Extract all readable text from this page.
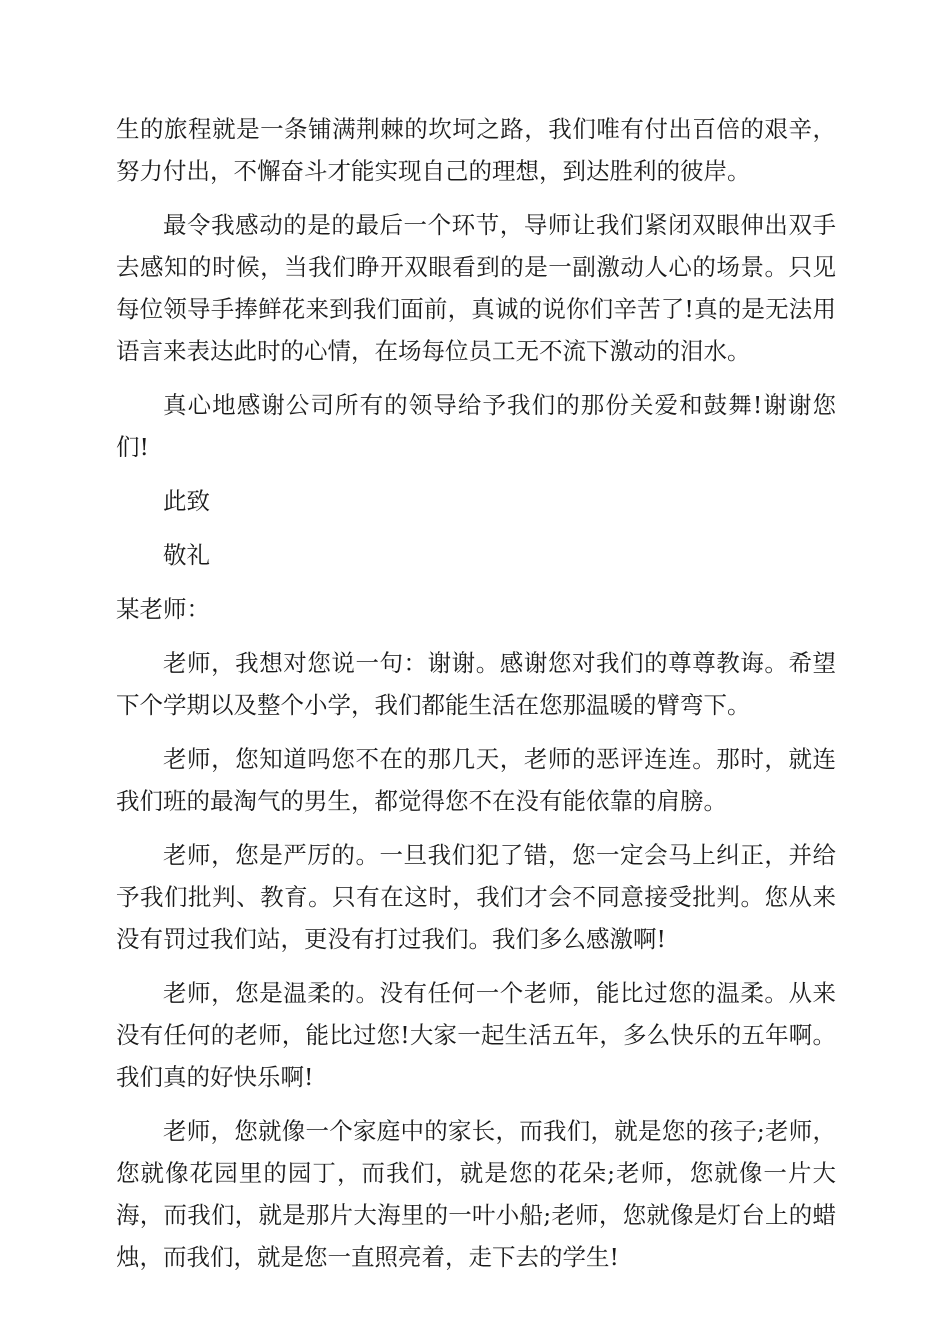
生的旅程就是一条铺满荆棘的坎坷之路，我们唯有付出百倍的艰辛，努力付出，不懈奋斗才能实现自己的理想，到达胜利的彼岸。

最令我感动的是的最后一个环节，导师让我们紧闭双眼伸出双手去感知的时候，当我们睁开双眼看到的是一副激动人心的场景。只见每位领导手捧鲜花来到我们面前，真诚的说你们辛苦了!真的是无法用语言来表达此时的心情，在场每位员工无不流下激动的泪水。

真心地感谢公司所有的领导给予我们的那份关爱和鼓舞!谢谢您们!

此致

敬礼

某老师：

老师，我想对您说一句：谢谢。感谢您对我们的尊尊教诲。希望下个学期以及整个小学，我们都能生活在您那温暖的臂弯下。

老师，您知道吗您不在的那几天，老师的恶评连连。那时，就连我们班的最淘气的男生，都觉得您不在没有能依靠的肩膀。

老师，您是严厉的。一旦我们犯了错，您一定会马上纠正，并给予我们批判、教育。只有在这时，我们才会不同意接受批判。您从来没有罚过我们站，更没有打过我们。我们多么感激啊!

老师，您是温柔的。没有任何一个老师，能比过您的温柔。从来没有任何的老师，能比过您!大家一起生活五年，多么快乐的五年啊。我们真的好快乐啊!

老师，您就像一个家庭中的家长，而我们，就是您的孩子;老师，您就像花园里的园丁，而我们，就是您的花朵;老师，您就像一片大海，而我们，就是那片大海里的一叶小船;老师，您就像是灯台上的蜡烛，而我们，就是您一直照亮着，走下去的学生!
